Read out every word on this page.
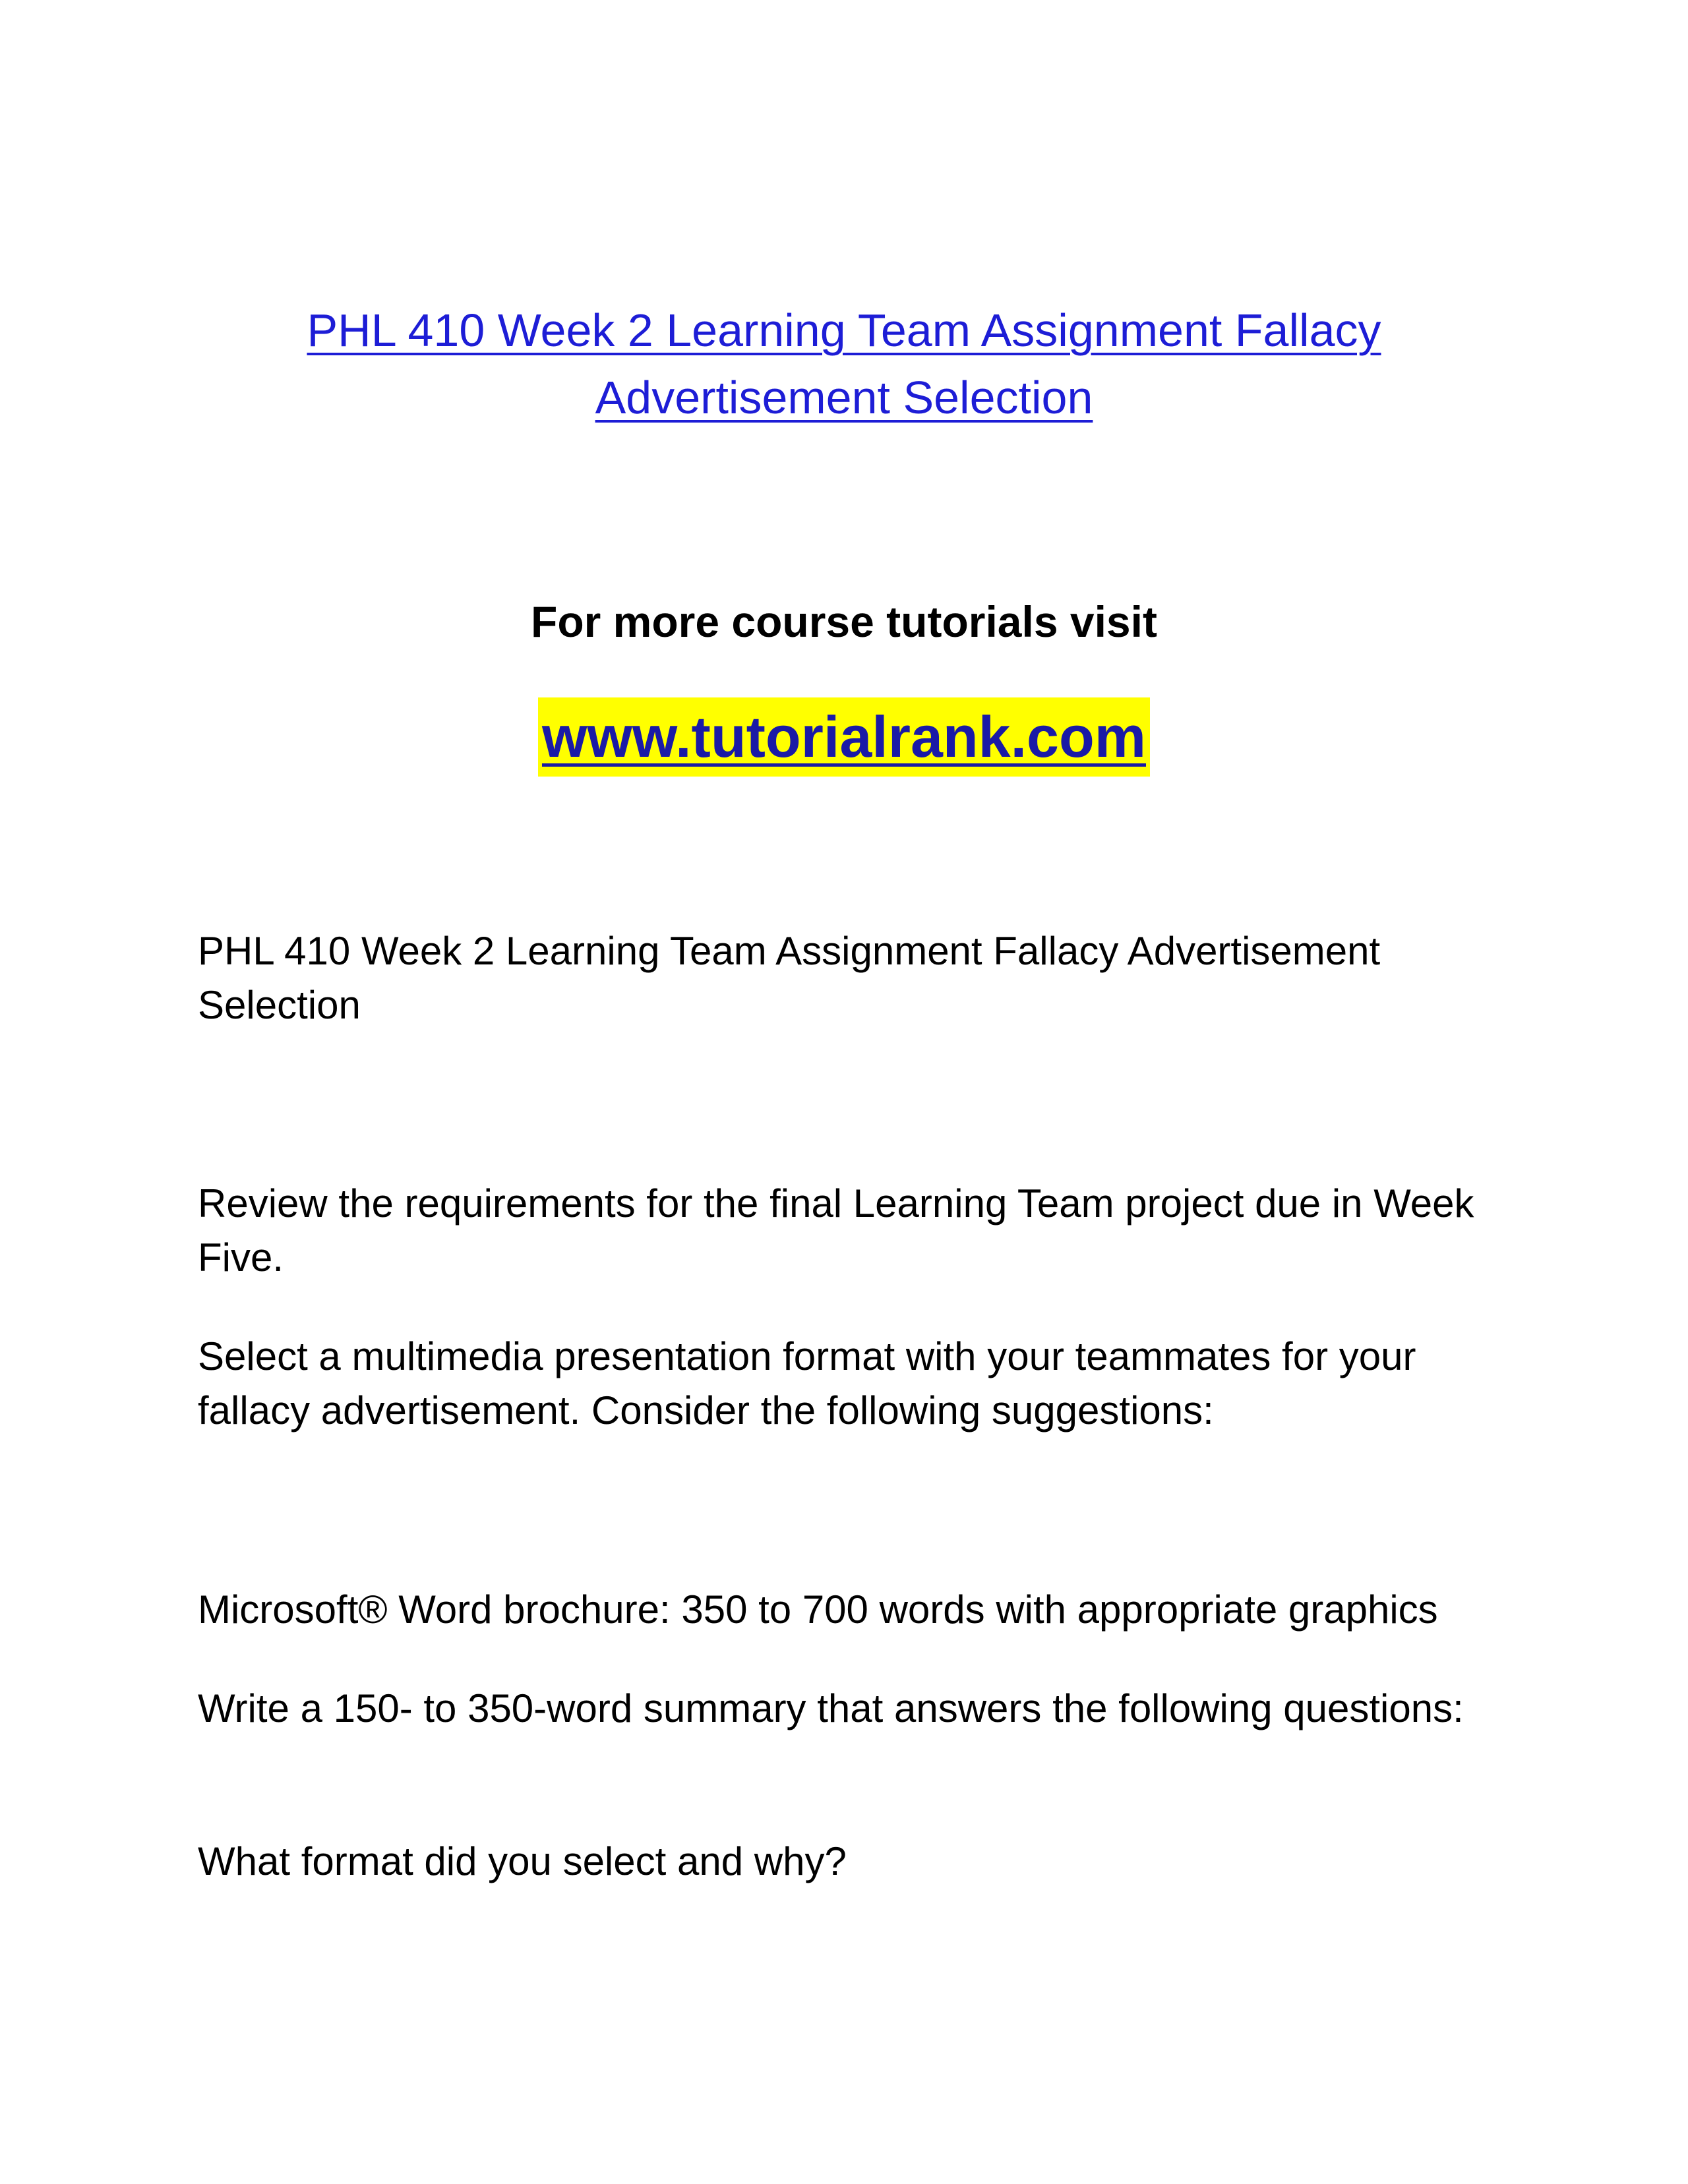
PHL 410 Week 2 Learning Team Assignment Fallacy Advertisement Selection
For more course tutorials visit
www.tutorialrank.com

PHL 410 Week 2 Learning Team Assignment Fallacy Advertisement Selection

Review the requirements for the final Learning Team project due in Week Five.

Select a multimedia presentation format with your teammates for your fallacy advertisement. Consider the following suggestions:

Microsoft® Word brochure: 350 to 700 words with appropriate graphics

Write a 150- to 350-word summary that answers the following questions:

What format did you select and why?
